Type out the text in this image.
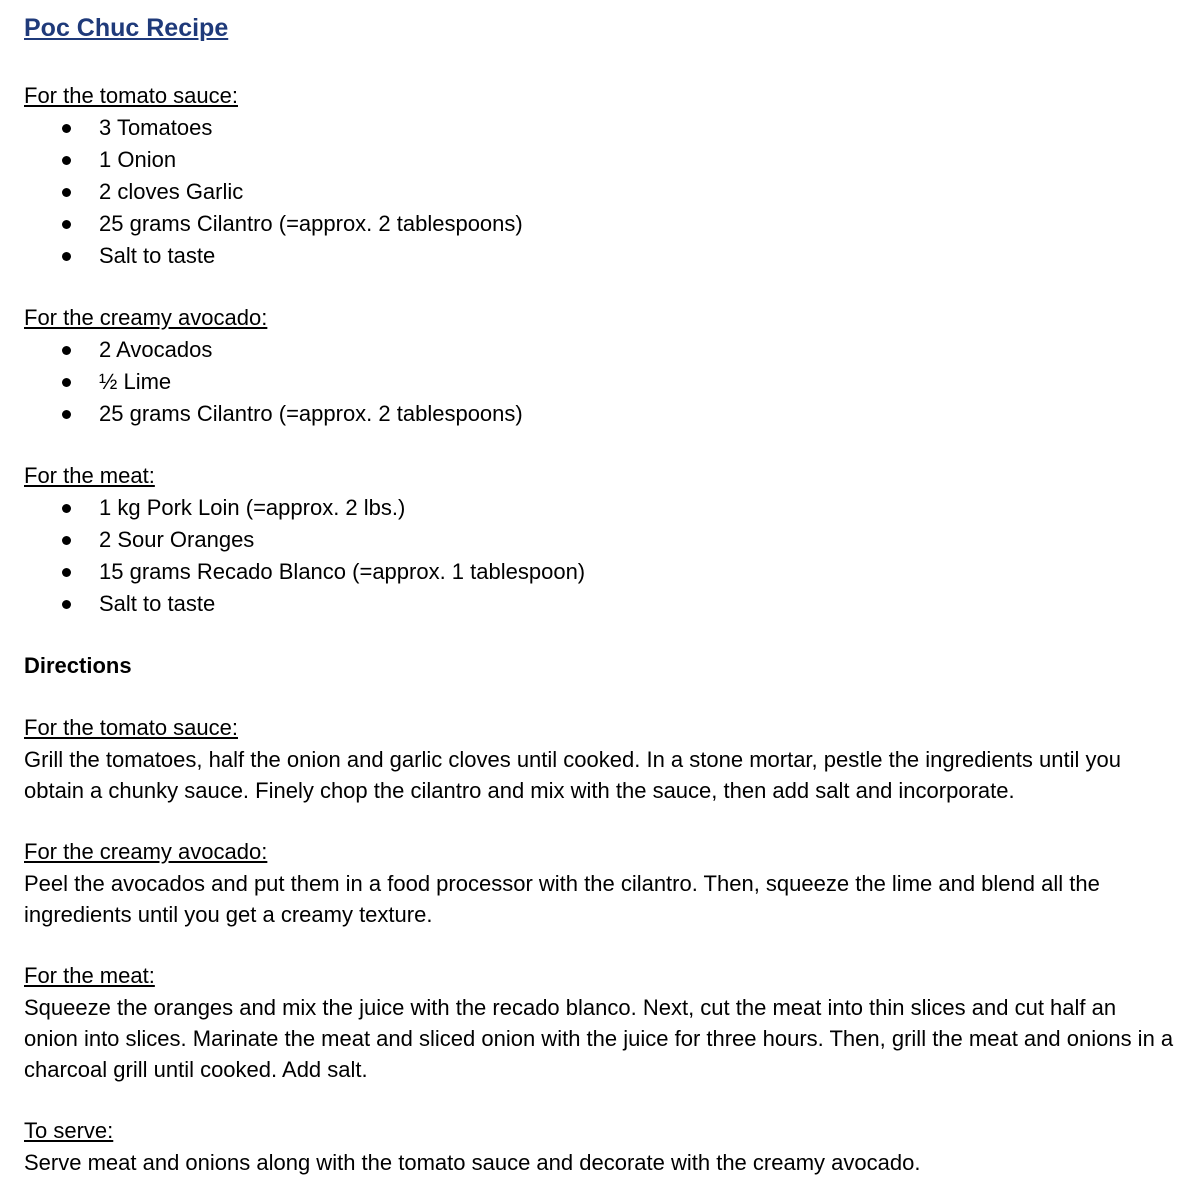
Poc Chuc Recipe

For the tomato sauce:

3 Tomatoes
1 Onion
2 cloves Garlic
25 grams Cilantro (=approx. 2 tablespoons)
Salt to taste

For the creamy avocado:

2 Avocados
½ Lime
25 grams Cilantro (=approx. 2 tablespoons)

For the meat:

1 kg Pork Loin (=approx. 2 lbs.)
2 Sour Oranges
15 grams Recado Blanco (=approx. 1 tablespoon)
Salt to taste

Directions

For the tomato sauce:

Grill the tomatoes, half the onion and garlic cloves until cooked. In a stone mortar, pestle the ingredients until you obtain a chunky sauce. Finely chop the cilantro and mix with the sauce, then add salt and incorporate.

For the creamy avocado:

Peel the avocados and put them in a food processor with the cilantro. Then, squeeze the lime and blend all the ingredients until you get a creamy texture.

For the meat:

Squeeze the oranges and mix the juice with the recado blanco. Next, cut the meat into thin slices and cut half an onion into slices. Marinate the meat and sliced onion with the juice for three hours. Then, grill the meat and onions in a charcoal grill until cooked. Add salt.

To serve:

Serve meat and onions along with the tomato sauce and decorate with the creamy avocado.
